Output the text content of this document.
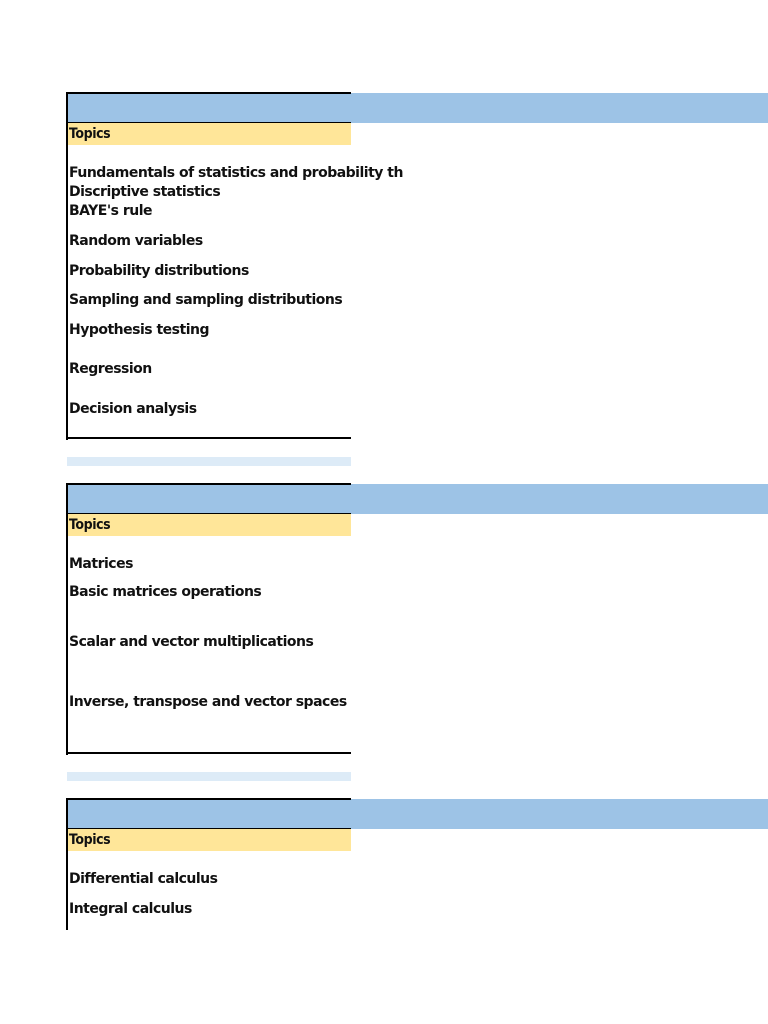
Topics
Fundamentals of statistics and probability th
Discriptive statistics
BAYE's rule
Random variables
Probability distributions
Sampling and sampling distributions
Hypothesis testing
Regression
Decision analysis
Topics
Matrices
Basic matrices operations
Scalar and vector multiplications
Inverse, transpose and vector spaces
Topics
Differential calculus
Integral calculus
